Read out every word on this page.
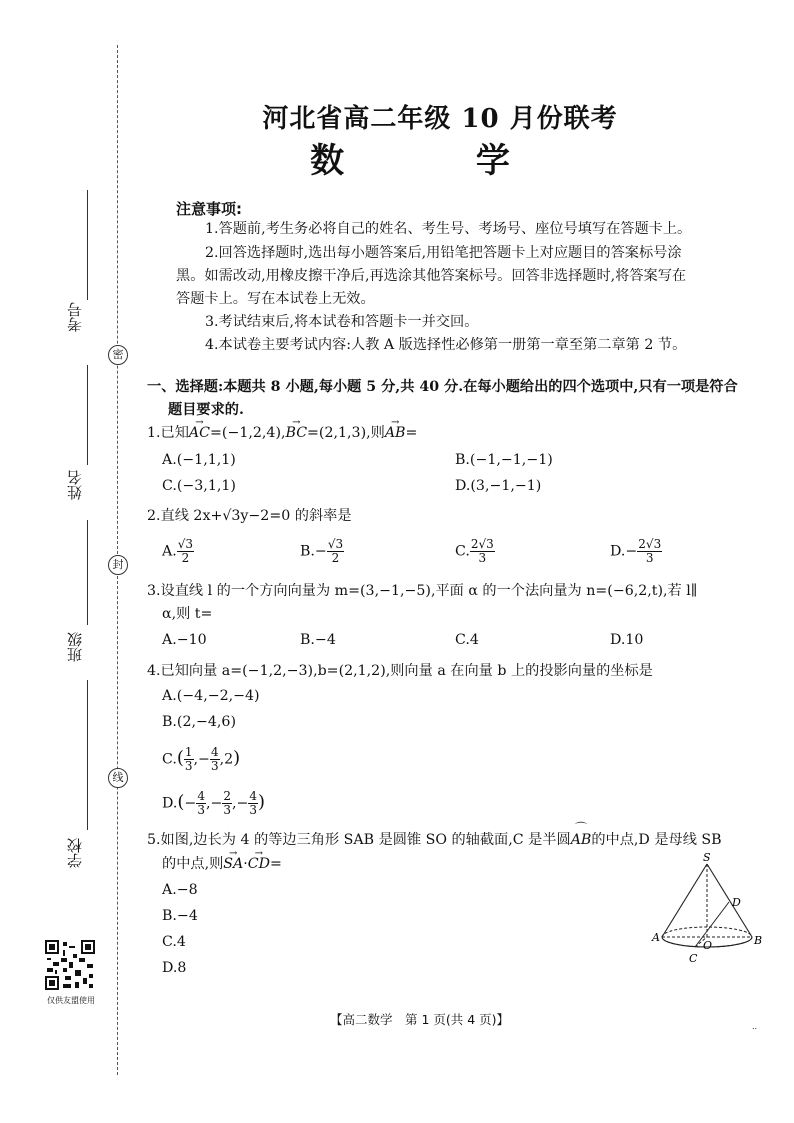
考号
密
姓名
封
班级
线
学校
仅供友盟使用
河北省高二年级 10 月份联考
数 学
注意事项:
1.答题前,考生务必将自己的姓名、考生号、考场号、座位号填写在答题卡上。
2.回答选择题时,选出每小题答案后,用铅笔把答题卡上对应题目的答案标号涂
黑。如需改动,用橡皮擦干净后,再选涂其他答案标号。回答非选择题时,将答案写在
答题卡上。写在本试卷上无效。
3.考试结束后,将本试卷和答题卡一并交回。
4.本试卷主要考试内容:人教 A 版选择性必修第一册第一章至第二章第 2 节。
一、选择题:本题共 8 小题,每小题 5 分,共 40 分.在每小题给出的四个选项中,只有一项是符合
题目要求的.
1.已知→ AC=(−1,2,4),→ BC=(2,1,3),则→ AB=
A.(−1,1,1)	B.(−1,−1,−1)
C.(−3,1,1)	D.(3,−1,−1)
2.直线 2x+√3y−2=0 的斜率是
A. $\frac{√3}{2}$	$B.- \frac{√3}{2}$	C. $\frac{2√3}{3}$	$D.- \frac{2√3}{3}$
3.设直线 l 的一个方向向量为 m=(3,−1,−5),平面 α 的一个法向量为 n=(−6,2,t),若 l∥
α,则 t=
A.−10	B.−4	C.4	D.10
4.已知向量 a=(−1,2,−3),b=(2,1,2),则向量 a 在向量 b 上的投影向量的坐标是
A.(−4,−2,−4)
B.(2,−4,6)
$C.( \frac{1}{3}$ ,− $\frac{4}{3} ,2$)
$D.(- \frac{4}{3}$ ,− $\frac{2}{3}$ ,− $\frac{4}{3}$ )
5.如图,边长为 4 的等边三角形 SAB 是圆锥 SO 的轴截面,C 是半圆⌒ AB的中点,D 是母线 SB
的中点,则→ SA·→ CD=
A.−8
B.−4
C.4
D.8
S
D
A
O	B
C
【高二数学　第 1 页(共 4 页)】	..
